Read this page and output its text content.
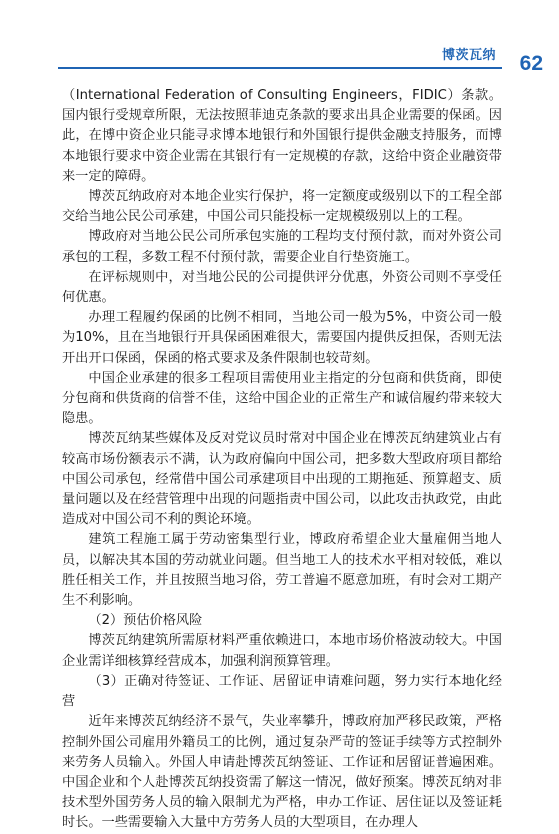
博茨瓦纳 62

（International Federation of Consulting Engineers，FIDIC）条款。国内银行受规章所限，无法按照菲迪克条款的要求出具企业需要的保函。因此，在博中资企业只能寻求博本地银行和外国银行提供金融支持服务，而博本地银行要求中资企业需在其银行有一定规模的存款，这给中资企业融资带来一定的障碍。

博茨瓦纳政府对本地企业实行保护，将一定额度或级别以下的工程全部交给当地公民公司承建，中国公司只能投标一定规模级别以上的工程。

博政府对当地公民公司所承包实施的工程均支付预付款，而对外资公司承包的工程，多数工程不付预付款，需要企业自行垫资施工。

在评标规则中，对当地公民的公司提供评分优惠，外资公司则不享受任何优惠。

办理工程履约保函的比例不相同，当地公司一般为5%，中资公司一般为10%，且在当地银行开具保函困难很大，需要国内提供反担保，否则无法开出开口保函，保函的格式要求及条件限制也较苛刻。

中国企业承建的很多工程项目需使用业主指定的分包商和供货商，即使分包商和供货商的信誉不佳，这给中国企业的正常生产和诚信履约带来较大隐患。

博茨瓦纳某些媒体及反对党议员时常对中国企业在博茨瓦纳建筑业占有较高市场份额表示不满，认为政府偏向中国公司，把多数大型政府项目都给中国公司承包，经常借中国公司承建项目中出现的工期拖延、预算超支、质量问题以及在经营管理中出现的问题指责中国公司，以此攻击执政党，由此造成对中国公司不利的舆论环境。

建筑工程施工属于劳动密集型行业，博政府希望企业大量雇佣当地人员，以解决其本国的劳动就业问题。但当地工人的技术水平相对较低，难以胜任相关工作，并且按照当地习俗，劳工普遍不愿意加班，有时会对工期产生不利影响。

（2）预估价格风险

博茨瓦纳建筑所需原材料严重依赖进口，本地市场价格波动较大。中国企业需详细核算经营成本，加强利润预算管理。

（3）正确对待签证、工作证、居留证申请难问题，努力实行本地化经营

近年来博茨瓦纳经济不景气，失业率攀升，博政府加严移民政策，严格控制外国公司雇用外籍员工的比例，通过复杂严苛的签证手续等方式控制外来劳务人员输入。外国人申请赴博茨瓦纳签证、工作证和居留证普遍困难。中国企业和个人赴博茨瓦纳投资需了解这一情况，做好预案。博茨瓦纳对非技术型外国劳务人员的输入限制尤为严格，申办工作证、居住证以及签证耗时长。一些需要输入大量中方劳务人员的大型项目，在办理人
